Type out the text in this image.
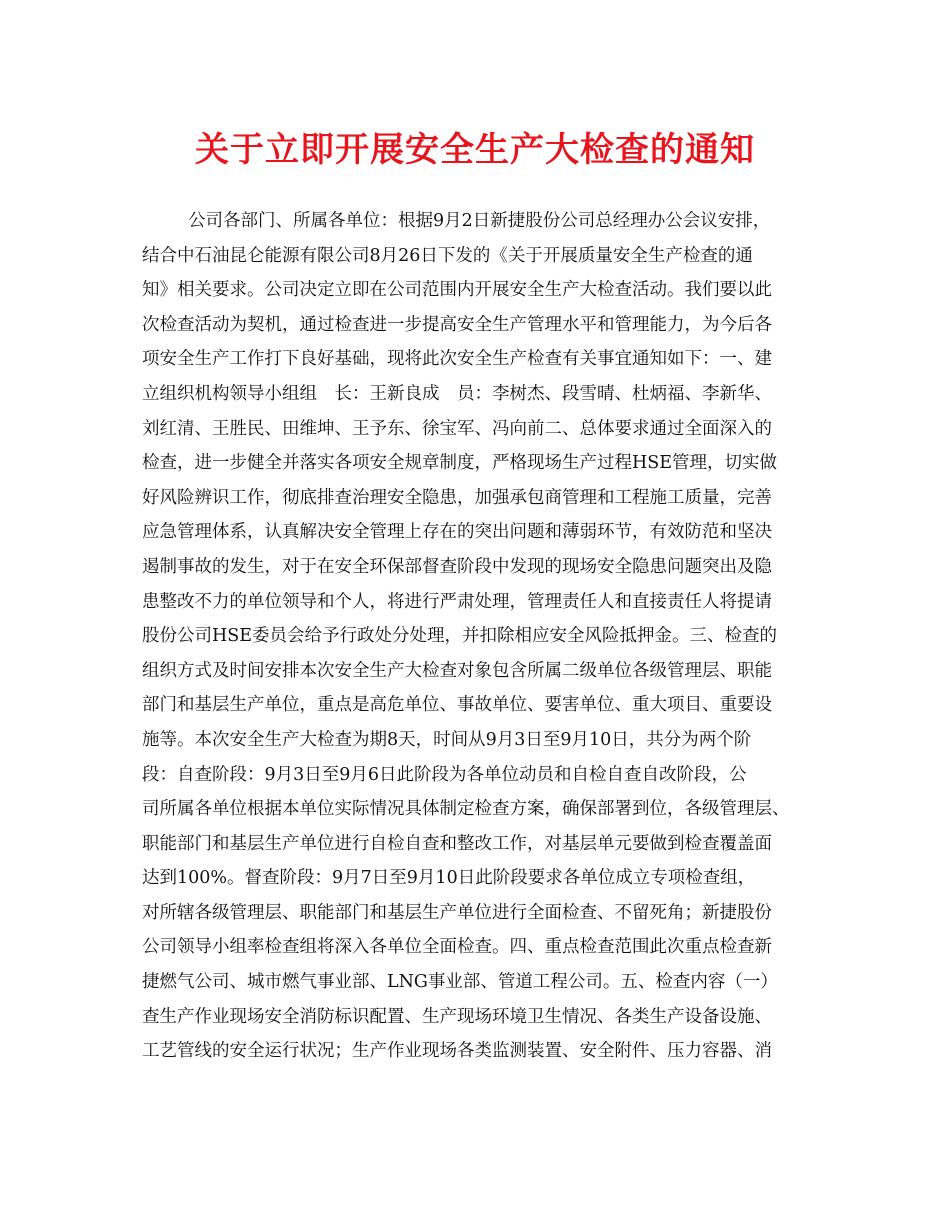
关于立即开展安全生产大检查的通知
公司各部门、所属各单位：根据9月2日新捷股份公司总经理办公会议安排，
结合中石油昆仑能源有限公司8月26日下发的《关于开展质量安全生产检查的通
知》相关要求。公司决定立即在公司范围内开展安全生产大检查活动。我们要以此
次检查活动为契机，通过检查进一步提高安全生产管理水平和管理能力，为今后各
项安全生产工作打下良好基础，现将此次安全生产检查有关事宜通知如下：一、建
立组织机构领导小组组　长：王新良成　员：李树杰、段雪晴、杜炳福、李新华、
刘红清、王胜民、田维坤、王予东、徐宝军、冯向前二、总体要求通过全面深入的
检查，进一步健全并落实各项安全规章制度，严格现场生产过程HSE管理，切实做
好风险辨识工作，彻底排查治理安全隐患，加强承包商管理和工程施工质量，完善
应急管理体系，认真解决安全管理上存在的突出问题和薄弱环节，有效防范和坚决
遏制事故的发生，对于在安全环保部督查阶段中发现的现场安全隐患问题突出及隐
患整改不力的单位领导和个人，将进行严肃处理，管理责任人和直接责任人将提请
股份公司HSE委员会给予行政处分处理，并扣除相应安全风险抵押金。三、检查的
组织方式及时间安排本次安全生产大检查对象包含所属二级单位各级管理层、职能
部门和基层生产单位，重点是高危单位、事故单位、要害单位、重大项目、重要设
施等。本次安全生产大检查为期8天，时间从9月3日至9月10日，共分为两个阶
段：自查阶段：9月3日至9月6日此阶段为各单位动员和自检自查自改阶段，公
司所属各单位根据本单位实际情况具体制定检查方案，确保部署到位，各级管理层、
职能部门和基层生产单位进行自检自查和整改工作，对基层单元要做到检查覆盖面
达到100%。督查阶段：9月7日至9月10日此阶段要求各单位成立专项检查组，
对所辖各级管理层、职能部门和基层生产单位进行全面检查、不留死角；新捷股份
公司领导小组率检查组将深入各单位全面检查。四、重点检查范围此次重点检查新
捷燃气公司、城市燃气事业部、LNG事业部、管道工程公司。五、检查内容（一）
查生产作业现场安全消防标识配置、生产现场环境卫生情况、各类生产设备设施、
工艺管线的安全运行状况；生产作业现场各类监测装置、安全附件、压力容器、消
